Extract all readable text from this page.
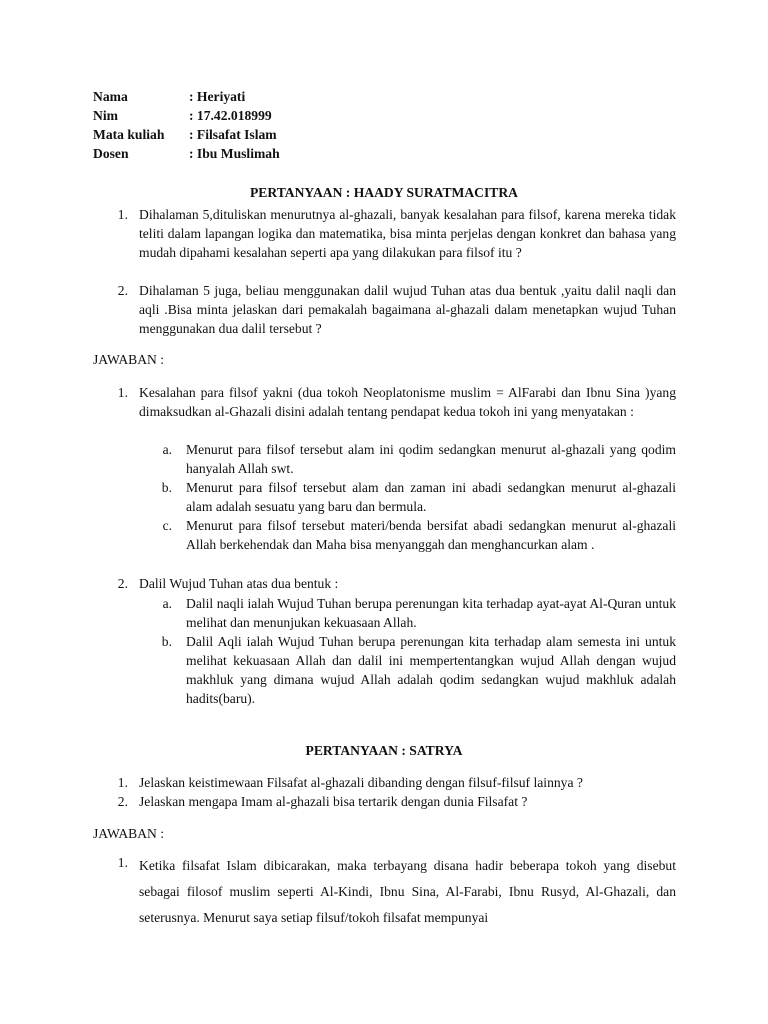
Nama	: Heriyati
Nim	: 17.42.018999
Mata kuliah : Filsafat Islam
Dosen	: Ibu Muslimah
PERTANYAAN : HAADY SURATMACITRA
1. Dihalaman 5,dituliskan menurutnya al-ghazali, banyak kesalahan para filsof, karena mereka tidak teliti dalam lapangan logika dan matematika, bisa minta perjelas dengan konkret dan bahasa yang mudah dipahami kesalahan seperti apa yang dilakukan para filsof itu ?
2. Dihalaman 5 juga, beliau menggunakan dalil wujud Tuhan atas dua bentuk ,yaitu dalil naqli dan aqli .Bisa minta jelaskan dari pemakalah bagaimana al-ghazali dalam menetapkan wujud Tuhan menggunakan dua dalil tersebut ?
JAWABAN :
1. Kesalahan para filsof yakni (dua tokoh Neoplatonisme muslim = AlFarabi dan Ibnu Sina )yang dimaksudkan al-Ghazali disini adalah tentang pendapat kedua tokoh ini yang menyatakan :
a. Menurut para filsof tersebut alam ini qodim sedangkan menurut al-ghazali yang qodim hanyalah Allah swt.
b. Menurut para filsof tersebut alam dan zaman ini abadi sedangkan menurut al-ghazali alam adalah sesuatu yang baru dan bermula.
c. Menurut para filsof tersebut materi/benda bersifat abadi sedangkan menurut al-ghazali Allah berkehendak dan Maha bisa menyanggah dan menghancurkan alam .
2. Dalil Wujud Tuhan atas dua bentuk :
a. Dalil naqli ialah Wujud Tuhan berupa perenungan kita terhadap ayat-ayat Al-Quran untuk melihat dan menunjukan kekuasaan Allah.
b. Dalil Aqli ialah Wujud Tuhan berupa perenungan kita terhadap alam semesta ini untuk melihat kekuasaan Allah dan dalil ini mempertentangkan wujud Allah dengan wujud makhluk yang dimana wujud Allah adalah qodim sedangkan wujud makhluk adalah hadits(baru).
PERTANYAAN : SATRYA
1. Jelaskan keistimewaan Filsafat al-ghazali dibanding dengan filsuf-filsuf lainnya ?
2. Jelaskan mengapa Imam al-ghazali bisa tertarik dengan dunia Filsafat ?
JAWABAN :
1. Ketika filsafat Islam dibicarakan, maka terbayang disana hadir beberapa tokoh yang disebut sebagai filosof muslim seperti Al-Kindi, Ibnu Sina, Al-Farabi, Ibnu Rusyd, Al-Ghazali, dan seterusnya. Menurut saya setiap filsuf/tokoh filsafat mempunyai
